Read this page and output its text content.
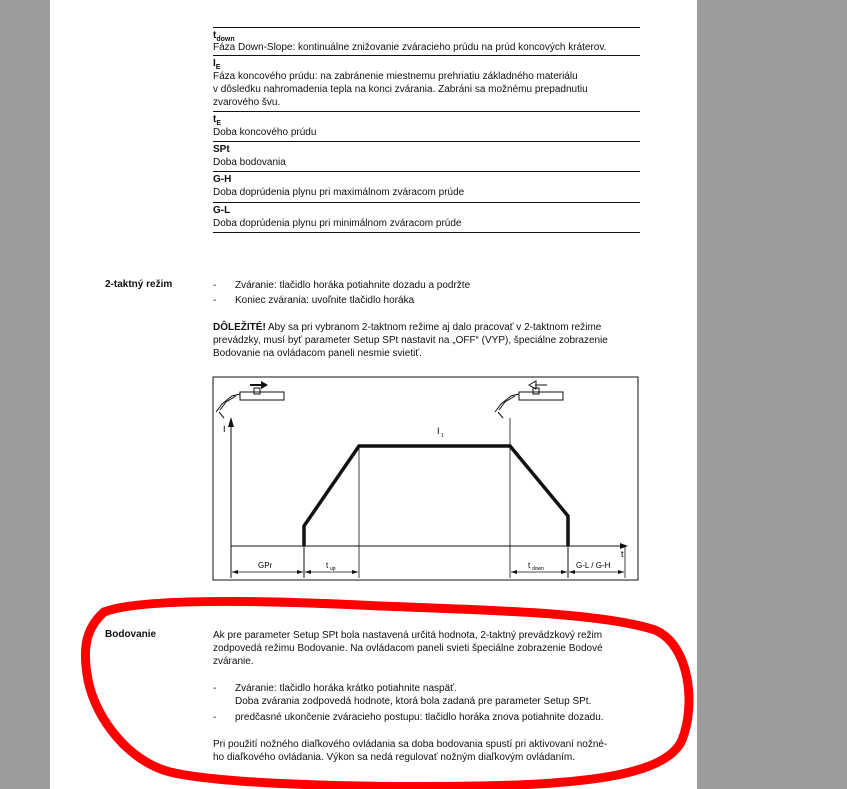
$t_{down}$
Fáza Down-Slope: kontinuálne znižovanie zváracieho prúdu na prúd koncových kráterov.
$I_E$
Fáza koncového prúdu: na zabránenie miestnemu prehriatiu základného materiálu
v dôsledku nahromadenia tepla na konci zvárania. Zabráni sa možnému prepadnutiu
zvarového švu.
$t_E$
Doba koncového prúdu
SPt
Doba bodovania
G-H
Doba doprúdenia plynu pri maximálnom zváracom prúde
G-L
Doba doprúdenia plynu pri minimálnom zváracom prúde
2-taktný režim	- Zváranie: tlačidlo horáka potiahnite dozadu a podržte
- Koniec zvárania: uvoľnite tlačidlo horáka
DÔLEŽITÉ! Aby sa pri vybranom 2-taktnom režime aj dalo pracovať v 2-taktnom režime
prevádzky, musí byť parameter Setup SPt nastavit na „OFF“ (VYP), špeciálne zobrazenie
Bodovanie na ovládacom paneli nesmie svietiť.
I
t
I 1
GPr	t up	t down	G-L / G-H
Bodovanie	Ak pre parameter Setup SPt bola nastavená určitá hodnota, 2-taktný prevádzkový režim
zodpovedá režimu Bodovanie. Na ovládacom paneli svieti špeciálne zobrazenie Bodové
zváranie.
- Zváranie: tlačidlo horáka krátko potiahnite naspäť.
Doba zvárania zodpovedá hodnote, ktorá bola zadaná pre parameter Setup SPt.
- predčasné ukončenie zváracieho postupu: tlačidlo horáka znova potiahnite dozadu.
Pri použití nožného diaľkového ovládania sa doba bodovania spustí pri aktivovaní nožné-
ho diaľkového ovládania. Výkon sa nedá regulovať nožným diaľkovým ovládaním.
